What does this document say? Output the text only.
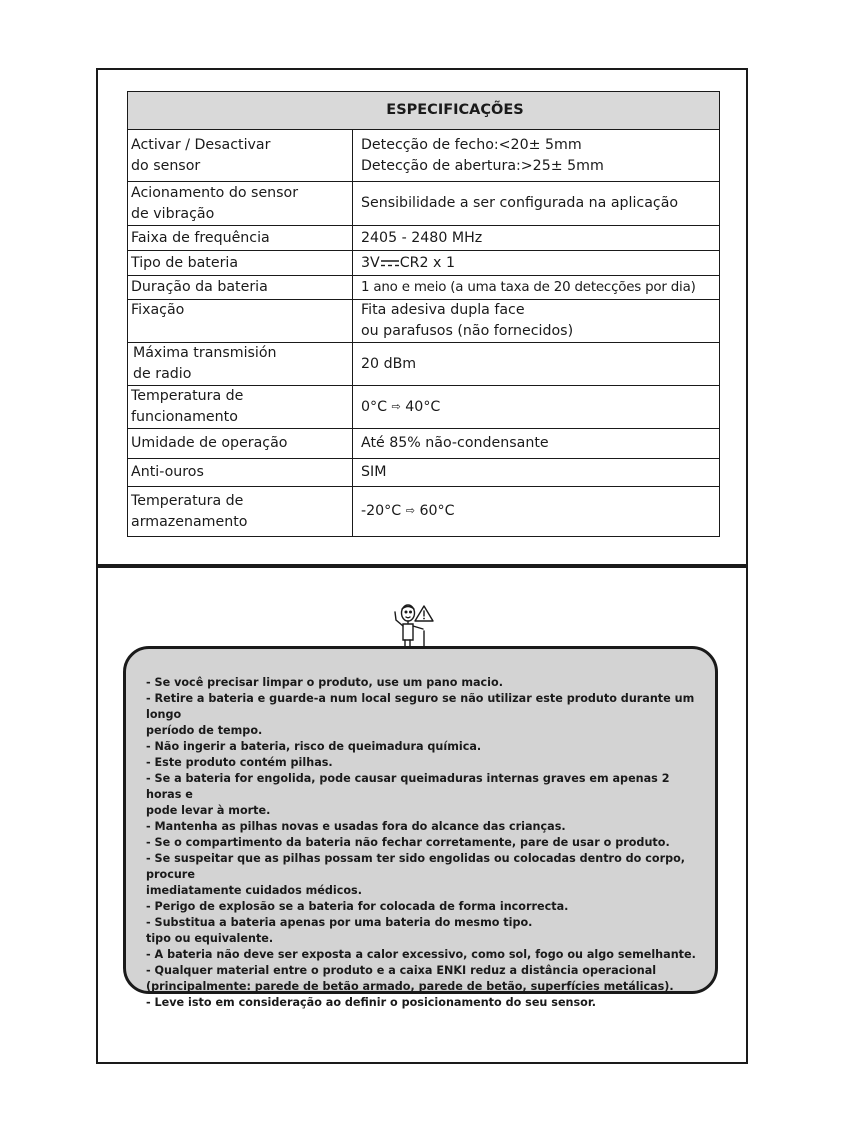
ESPECIFICAÇÕES	
Activar / Desactivar
do sensor	Detecção de fecho:<20± 5mm
Detecção de abertura:>25± 5mm
Acionamento do sensor
de vibração	Sensibilidade a ser configurada na aplicação
Faixa de frequência	2405 - 2480 MHz
Tipo de bateria	3V CR2 x 1
Duração da bateria	1 ano e meio (a uma taxa de 20 detecções por dia)
Fixação	Fita adesiva dupla face
ou parafusos (não fornecidos)
Máxima transmisión
de radio	20 dBm
Temperatura de
funcionamento	0°C ⇨ 40°C
Umidade de operação	Até 85% não-condensante
Anti-ouros	SIM
Temperatura de
armazenamento	-20°C ⇨ 60°C
- Se você precisar limpar o produto, use um pano macio.
- Retire a bateria e guarde-a num local seguro se não utilizar este produto durante um longo
período de tempo.
- Não ingerir a bateria, risco de queimadura química.
- Este produto contém pilhas.
- Se a bateria for engolida, pode causar queimaduras internas graves em apenas 2 horas e
pode levar à morte.
- Mantenha as pilhas novas e usadas fora do alcance das crianças.
- Se o compartimento da bateria não fechar corretamente, pare de usar o produto.
- Se suspeitar que as pilhas possam ter sido engolidas ou colocadas dentro do corpo, procure
imediatamente cuidados médicos.
- Perigo de explosão se a bateria for colocada de forma incorrecta.
- Substitua a bateria apenas por uma bateria do mesmo tipo.
tipo ou equivalente.
- A bateria não deve ser exposta a calor excessivo, como sol, fogo ou algo semelhante.
- Qualquer material entre o produto e a caixa ENKI reduz a distância operacional
(principalmente: parede de betão armado, parede de betão, superfícies metálicas).
- Leve isto em consideração ao definir o posicionamento do seu sensor.
